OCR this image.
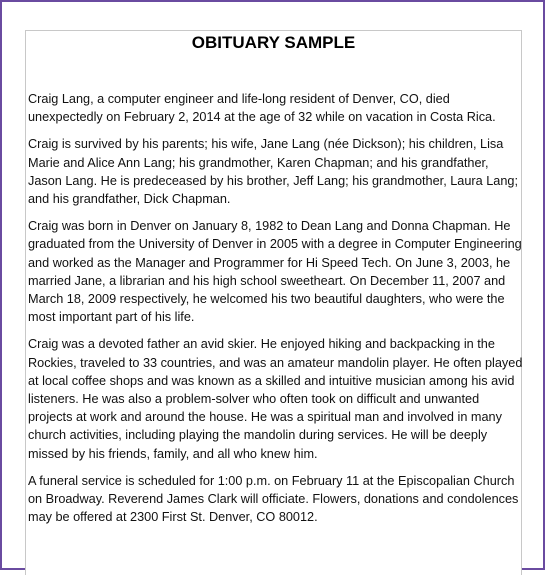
OBITUARY SAMPLE

Craig Lang, a computer engineer and life-long resident of Denver, CO, died unexpectedly on February 2, 2014 at the age of 32 while on vacation in Costa Rica.

Craig is survived by his parents; his wife, Jane Lang (née Dickson); his children, Lisa Marie and Alice Ann Lang; his grandmother, Karen Chapman; and his grandfather, Jason Lang. He is predeceased by his brother, Jeff Lang; his grandmother, Laura Lang; and his grandfather, Dick Chapman.

Craig was born in Denver on January 8, 1982 to Dean Lang and Donna Chapman. He graduated from the University of Denver in 2005 with a degree in Computer Engineering and worked as the Manager and Programmer for Hi Speed Tech. On June 3, 2003, he married Jane, a librarian and his high school sweetheart. On December 11, 2007 and March 18, 2009 respectively, he welcomed his two beautiful daughters, who were the most important part of his life.

Craig was a devoted father an avid skier. He enjoyed hiking and backpacking in the Rockies, traveled to 33 countries, and was an amateur mandolin player. He often played at local coffee shops and was known as a skilled and intuitive musician among his avid listeners. He was also a problem-solver who often took on difficult and unwanted projects at work and around the house. He was a spiritual man and involved in many church activities, including playing the mandolin during services. He will be deeply missed by his friends, family, and all who knew him.

A funeral service is scheduled for 1:00 p.m. on February 11 at the Episcopalian Church on Broadway. Reverend James Clark will officiate. Flowers, donations and condolences may be offered at 2300 First St. Denver, CO 80012.
